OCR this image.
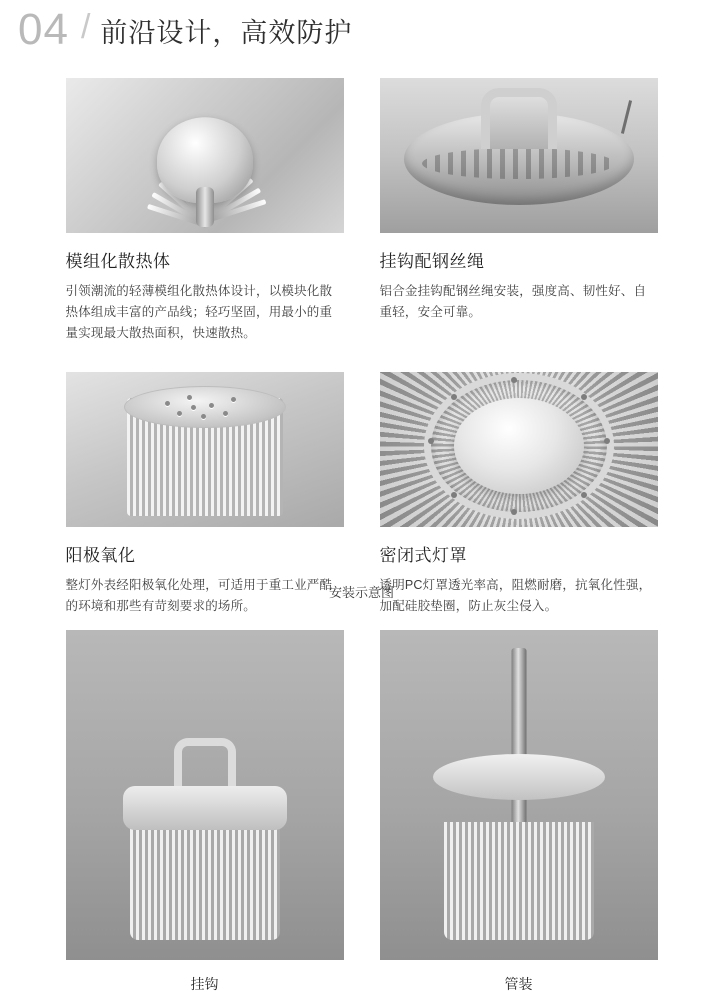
04 / 前沿设计，高效防护
模组化散热体
引领潮流的轻薄模组化散热体设计，以模块化散热体组成丰富的产品线；轻巧坚固，用最小的重量实现最大散热面积，快速散热。
挂钩配钢丝绳
铝合金挂钩配钢丝绳安装，强度高、韧性好、自重轻，安全可靠。
阳极氧化
整灯外表经阳极氧化处理，可适用于重工业严酷的环境和那些有苛刻要求的场所。
密闭式灯罩
透明PC灯罩透光率高，阻燃耐磨，抗氧化性强，加配硅胶垫圈，防止灰尘侵入。
安装示意图
挂钩	管装
